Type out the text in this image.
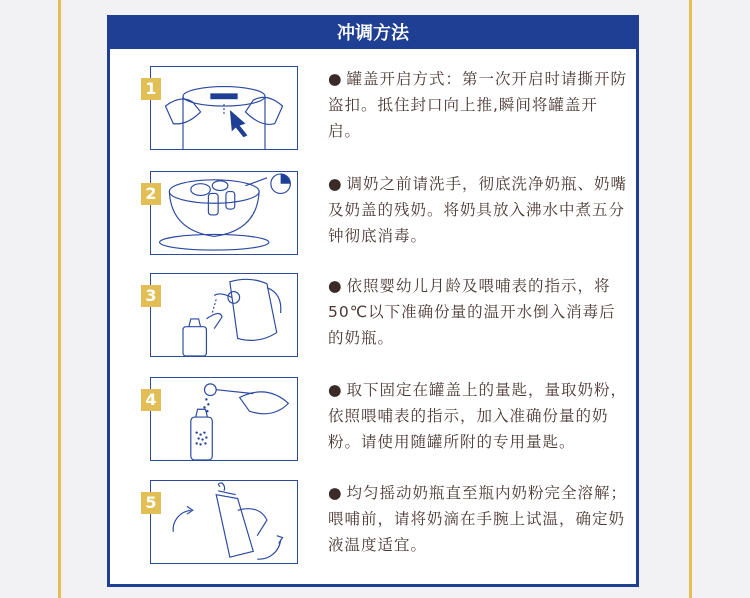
冲调方法
1	● 罐盖开启方式：第一次开启时请撕开防盗扣。抵住封口向上推,瞬间将罐盖开启。
2	● 调奶之前请洗手，彻底洗净奶瓶、奶嘴及奶盖的残奶。将奶具放入沸水中煮五分钟彻底消毒。
3	● 依照婴幼儿月龄及喂哺表的指示，将50℃以下准确份量的温开水倒入消毒后的奶瓶。
4	● 取下固定在罐盖上的量匙，量取奶粉，依照喂哺表的指示，加入准确份量的奶粉。请使用随罐所附的专用量匙。
5	● 均匀摇动奶瓶直至瓶内奶粉完全溶解；喂哺前，请将奶滴在手腕上试温，确定奶液温度适宜。
